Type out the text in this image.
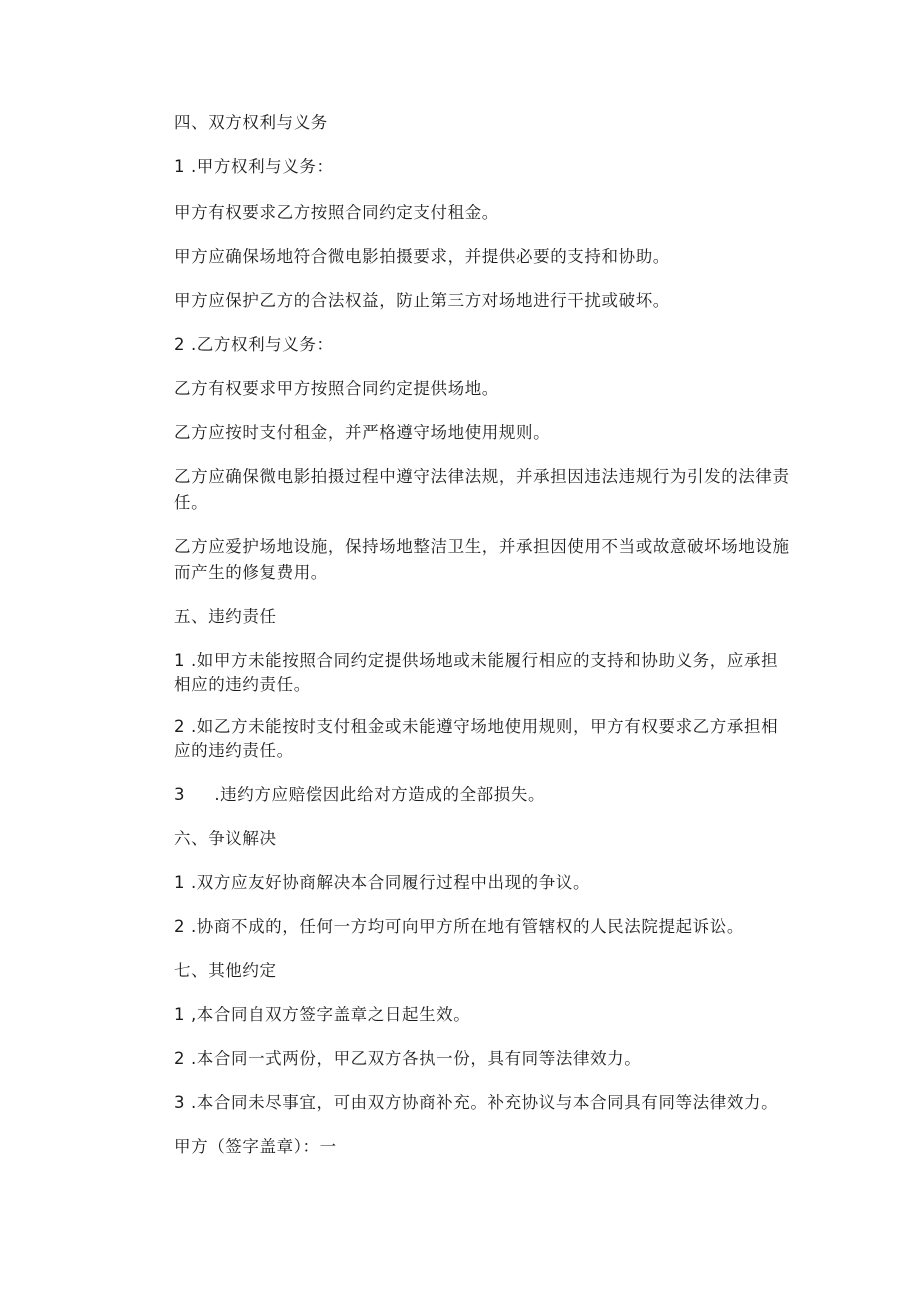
四、双方权利与义务
1 .甲方权利与义务：
甲方有权要求乙方按照合同约定支付租金。
甲方应确保场地符合微电影拍摄要求，并提供必要的支持和协助。
甲方应保护乙方的合法权益，防止第三方对场地进行干扰或破坏。
2 .乙方权利与义务：
乙方有权要求甲方按照合同约定提供场地。
乙方应按时支付租金，并严格遵守场地使用规则。
乙方应确保微电影拍摄过程中遵守法律法规，并承担因违法违规行为引发的法律责
任。
乙方应爱护场地设施，保持场地整洁卫生，并承担因使用不当或故意破坏场地设施
而产生的修复费用。
五、违约责任
1 .如甲方未能按照合同约定提供场地或未能履行相应的支持和协助义务，应承担
相应的违约责任。
2 .如乙方未能按时支付租金或未能遵守场地使用规则，甲方有权要求乙方承担相
应的违约责任。
3     .违约方应赔偿因此给对方造成的全部损失。
六、争议解决
1 .双方应友好协商解决本合同履行过程中出现的争议。
2 .协商不成的，任何一方均可向甲方所在地有管辖权的人民法院提起诉讼。
七、其他约定
1 ,本合同自双方签字盖章之日起生效。
2 .本合同一式两份，甲乙双方各执一份，具有同等法律效力。
3 .本合同未尽事宜，可由双方协商补充。补充协议与本合同具有同等法律效力。
甲方（签字盖章）：一
